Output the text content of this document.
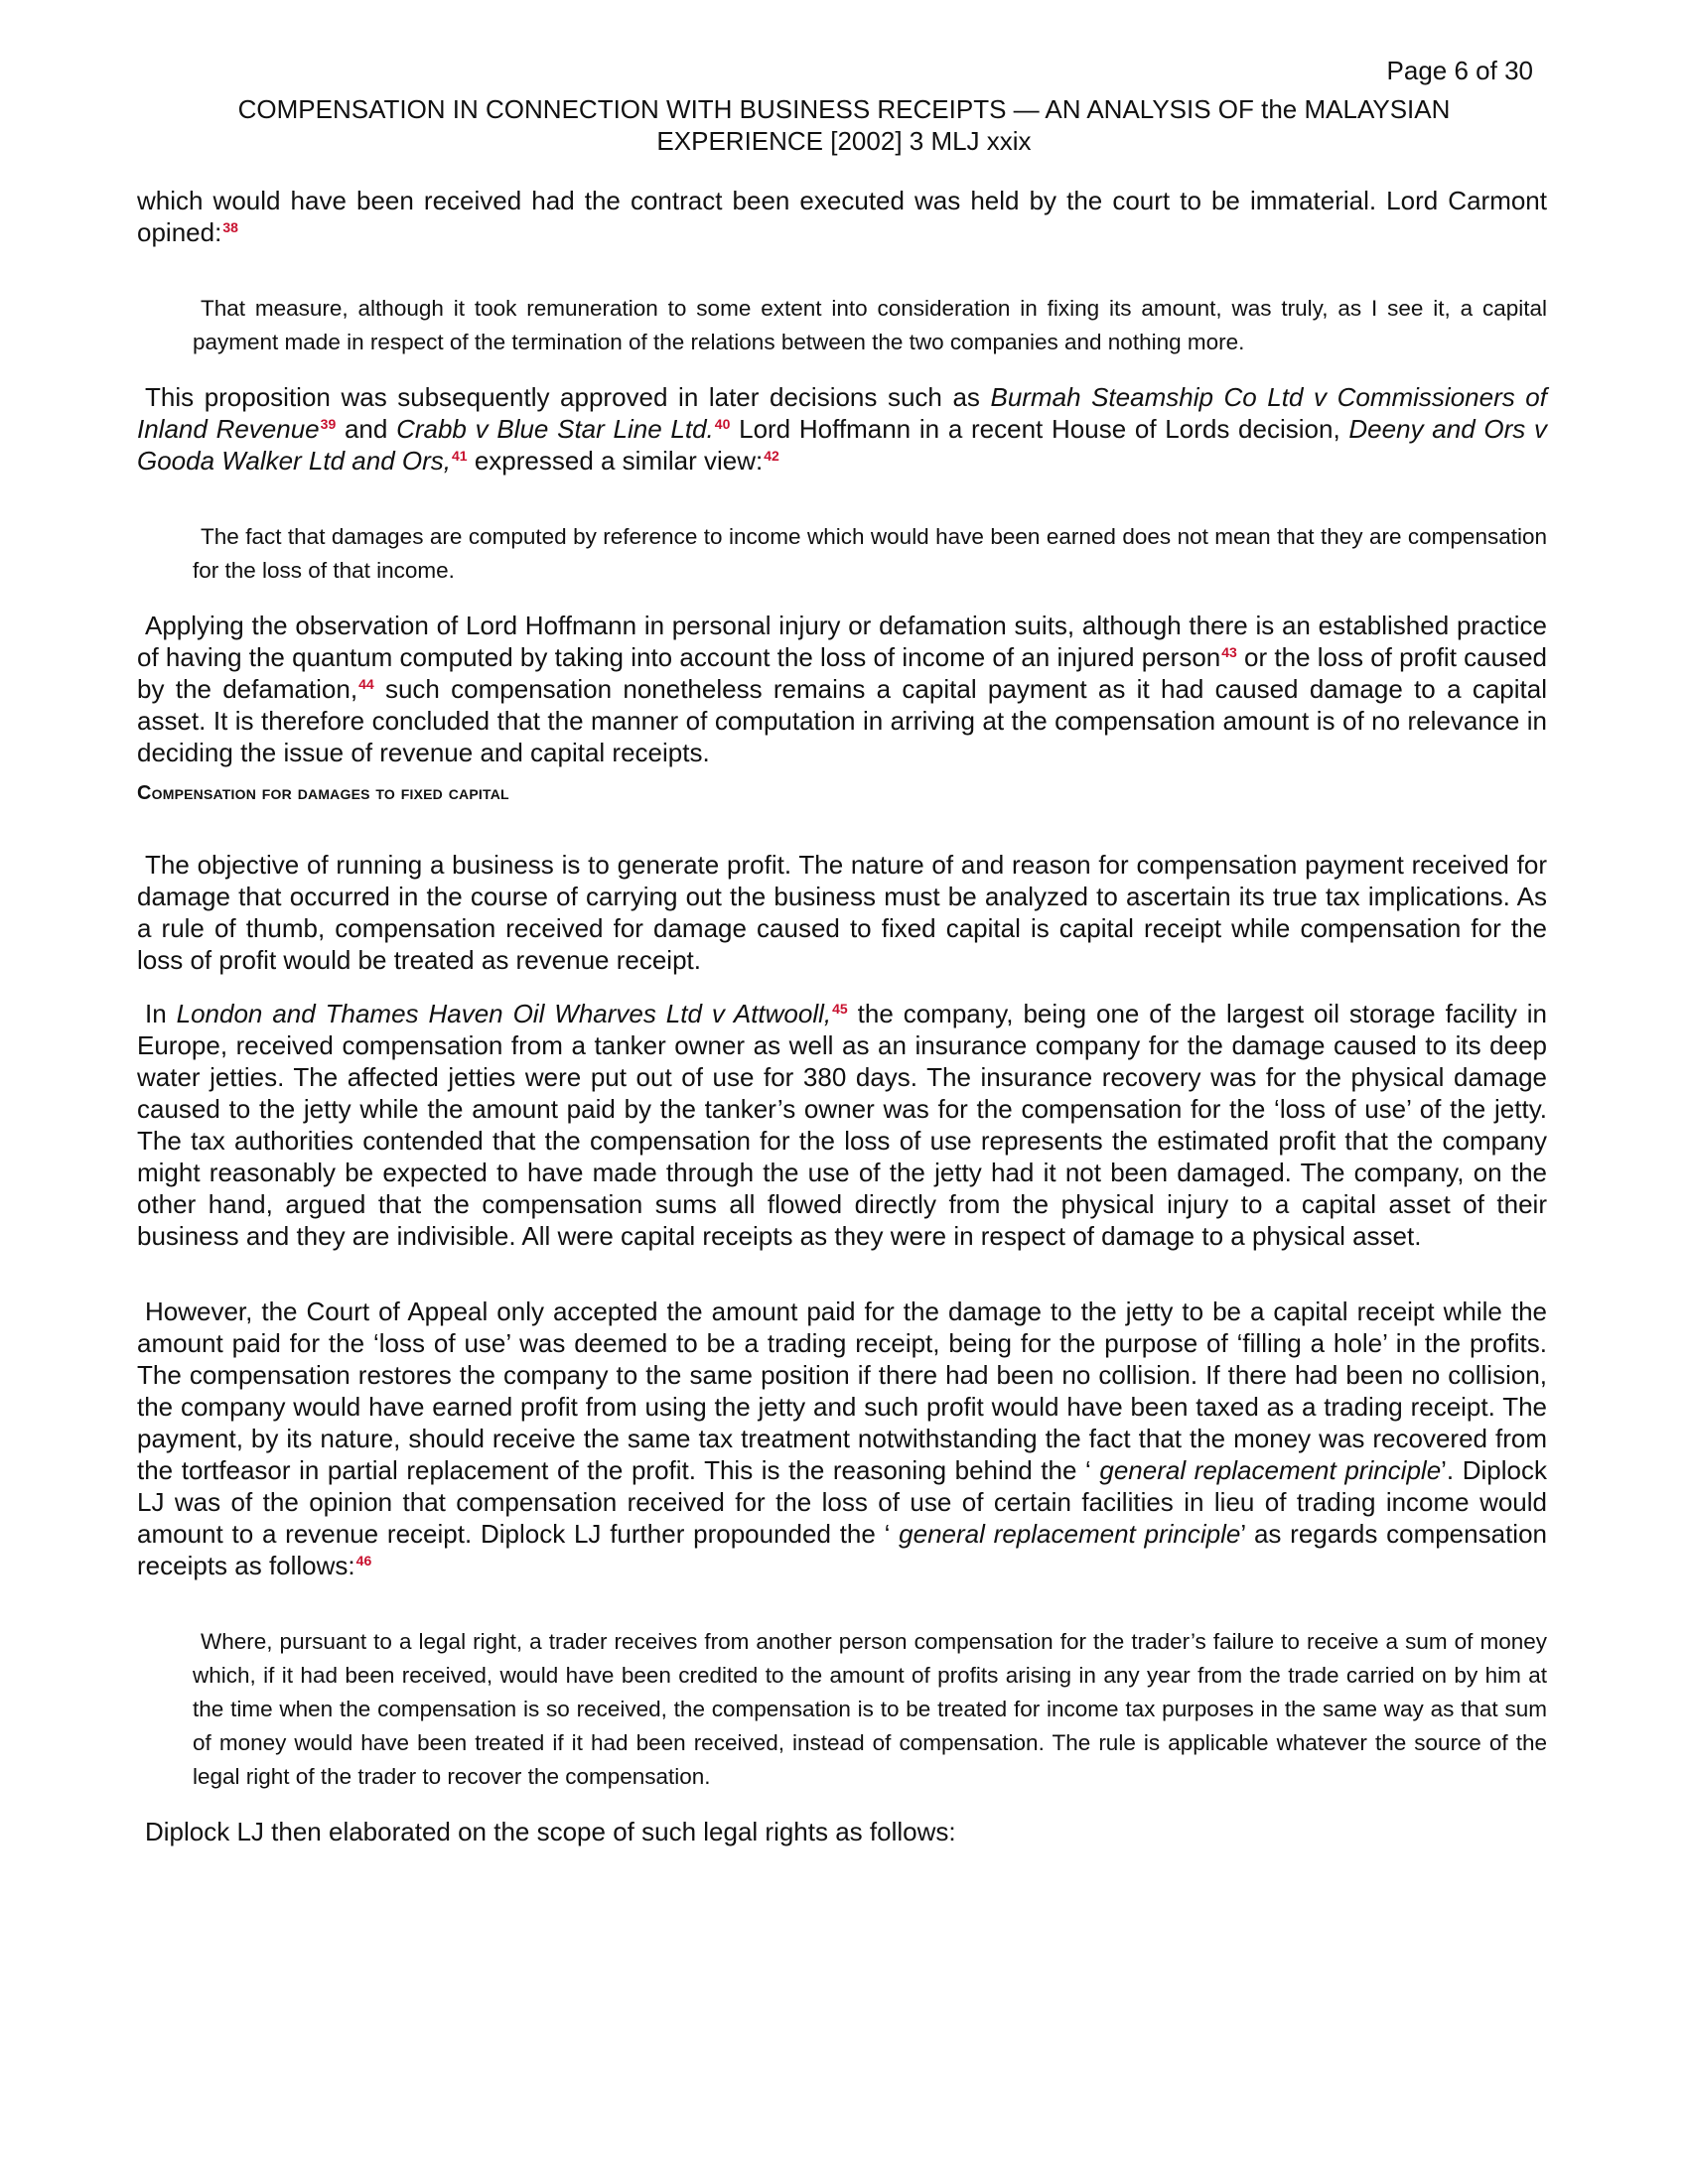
Page 6 of 30
COMPENSATION IN CONNECTION WITH BUSINESS RECEIPTS — AN ANALYSIS OF the MALAYSIAN EXPERIENCE [2002] 3 MLJ xxix

which would have been received had the contract been executed was held by the court to be immaterial. Lord Carmont opined:$^{38}$

That measure, although it took remuneration to some extent into consideration in fixing its amount, was truly, as I see it, a capital payment made in respect of the termination of the relations between the two companies and nothing more.

This proposition was subsequently approved in later decisions such as Burmah Steamship Co Ltd v Commissioners of Inland Revenue$^{39}$ and Crabb v Blue Star Line Ltd.$^{40}$ Lord Hoffmann in a recent House of Lords decision, Deeny and Ors v Gooda Walker Ltd and Ors,$^{41}$ expressed a similar view:$^{42}$

The fact that damages are computed by reference to income which would have been earned does not mean that they are compensation for the loss of that income.

Applying the observation of Lord Hoffmann in personal injury or defamation suits, although there is an established practice of having the quantum computed by taking into account the loss of income of an injured person$^{43}$ or the loss of profit caused by the defamation,$^{44}$ such compensation nonetheless remains a capital payment as it had caused damage to a capital asset. It is therefore concluded that the manner of computation in arriving at the compensation amount is of no relevance in deciding the issue of revenue and capital receipts.

Compensation for damages to fixed capital

The objective of running a business is to generate profit. The nature of and reason for compensation payment received for damage that occurred in the course of carrying out the business must be analyzed to ascertain its true tax implications. As a rule of thumb, compensation received for damage caused to fixed capital is capital receipt while compensation for the loss of profit would be treated as revenue receipt.

In London and Thames Haven Oil Wharves Ltd v Attwooll,$^{45}$ the company, being one of the largest oil storage facility in Europe, received compensation from a tanker owner as well as an insurance company for the damage caused to its deep water jetties. The affected jetties were put out of use for 380 days. The insurance recovery was for the physical damage caused to the jetty while the amount paid by the tanker’s owner was for the compensation for the ‘loss of use’ of the jetty. The tax authorities contended that the compensation for the loss of use represents the estimated profit that the company might reasonably be expected to have made through the use of the jetty had it not been damaged. The company, on the other hand, argued that the compensation sums all flowed directly from the physical injury to a capital asset of their business and they are indivisible. All were capital receipts as they were in respect of damage to a physical asset.

However, the Court of Appeal only accepted the amount paid for the damage to the jetty to be a capital receipt while the amount paid for the ‘loss of use’ was deemed to be a trading receipt, being for the purpose of ‘filling a hole’ in the profits. The compensation restores the company to the same position if there had been no collision. If there had been no collision, the company would have earned profit from using the jetty and such profit would have been taxed as a trading receipt. The payment, by its nature, should receive the same tax treatment notwithstanding the fact that the money was recovered from the tortfeasor in partial replacement of the profit. This is the reasoning behind the ‘ general replacement principle’. Diplock LJ was of the opinion that compensation received for the loss of use of certain facilities in lieu of trading income would amount to a revenue receipt. Diplock LJ further propounded the ‘ general replacement principle’ as regards compensation receipts as follows:$^{46}$

Where, pursuant to a legal right, a trader receives from another person compensation for the trader’s failure to receive a sum of money which, if it had been received, would have been credited to the amount of profits arising in any year from the trade carried on by him at the time when the compensation is so received, the compensation is to be treated for income tax purposes in the same way as that sum of money would have been treated if it had been received, instead of compensation. The rule is applicable whatever the source of the legal right of the trader to recover the compensation.

Diplock LJ then elaborated on the scope of such legal rights as follows:
